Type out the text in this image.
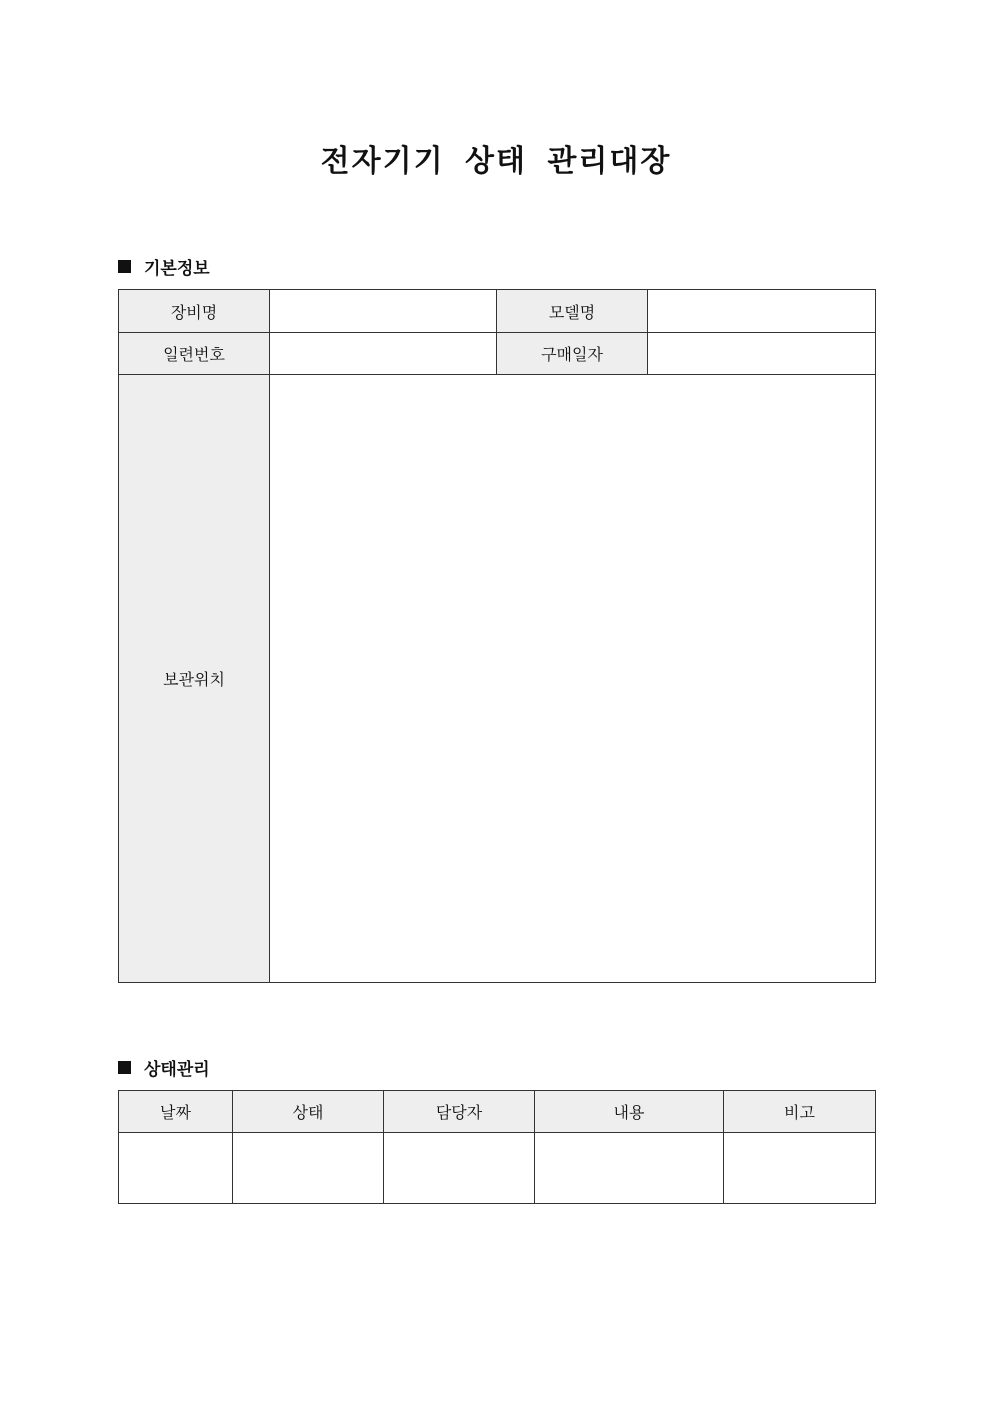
전자기기 상태 관리대장
기본정보
장비명		모델명	
일련번호		구매일자	
보관위치			
상태관리
날짜	상태	담당자	내용	비고
